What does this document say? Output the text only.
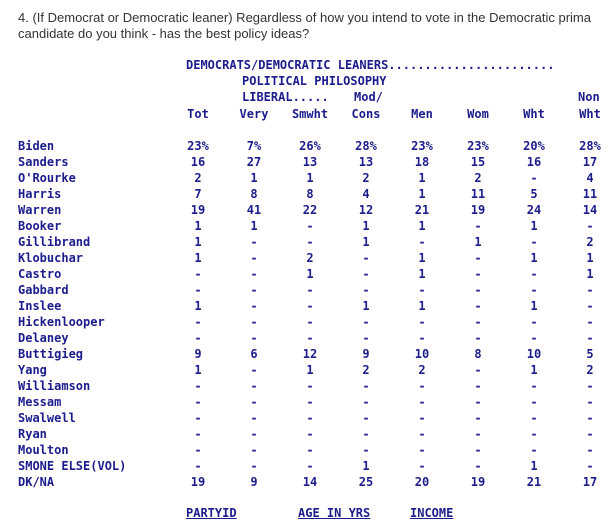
4. (If Democrat or Democratic leaner) Regardless of how you intend to vote in the Democratic prima
candidate do you think - has the best policy ideas?
DEMOCRATS/DEMOCRATIC LEANERS.......................
POLITICAL PHILOSOPHY
LIBERAL..... Mod/	Non
Tot	Very	Smwht	Cons	Men	Wom	Wht	Wht
Biden	23%	7%	26%	28%	23%	23%	20%	28%
Sanders	16	27	13	13	18	15	16	17
O'Rourke	2	1	1	2	1	2	-	4
Harris	7	8	8	4	1	11	5	11
Warren	19	41	22	12	21	19	24	14
Booker	1	1	-	1	1	-	1	-
Gillibrand	1	-	-	1	-	1	-	2
Klobuchar	1	-	2	-	1	-	1	1
Castro	-	-	1	-	1	-	-	1
Gabbard	-	-	-	-	-	-	-	-
Inslee	1	-	-	1	1	-	1	-
Hickenlooper	-	-	-	-	-	-	-	-
Delaney	-	-	-	-	-	-	-	-
Buttigieg	9	6	12	9	10	8	10	5
Yang	1	-	1	2	2	-	1	2
Williamson	-	-	-	-	-	-	-	-
Messam	-	-	-	-	-	-	-	-
Swalwell	-	-	-	-	-	-	-	-
Ryan	-	-	-	-	-	-	-	-
Moulton	-	-	-	-	-	-	-	-
SMONE ELSE(VOL)	-	-	-	1	-	-	1	-
DK/NA	19	9	14	25	20	19	21	17
PARTYID	AGE IN YRS	INCOME
